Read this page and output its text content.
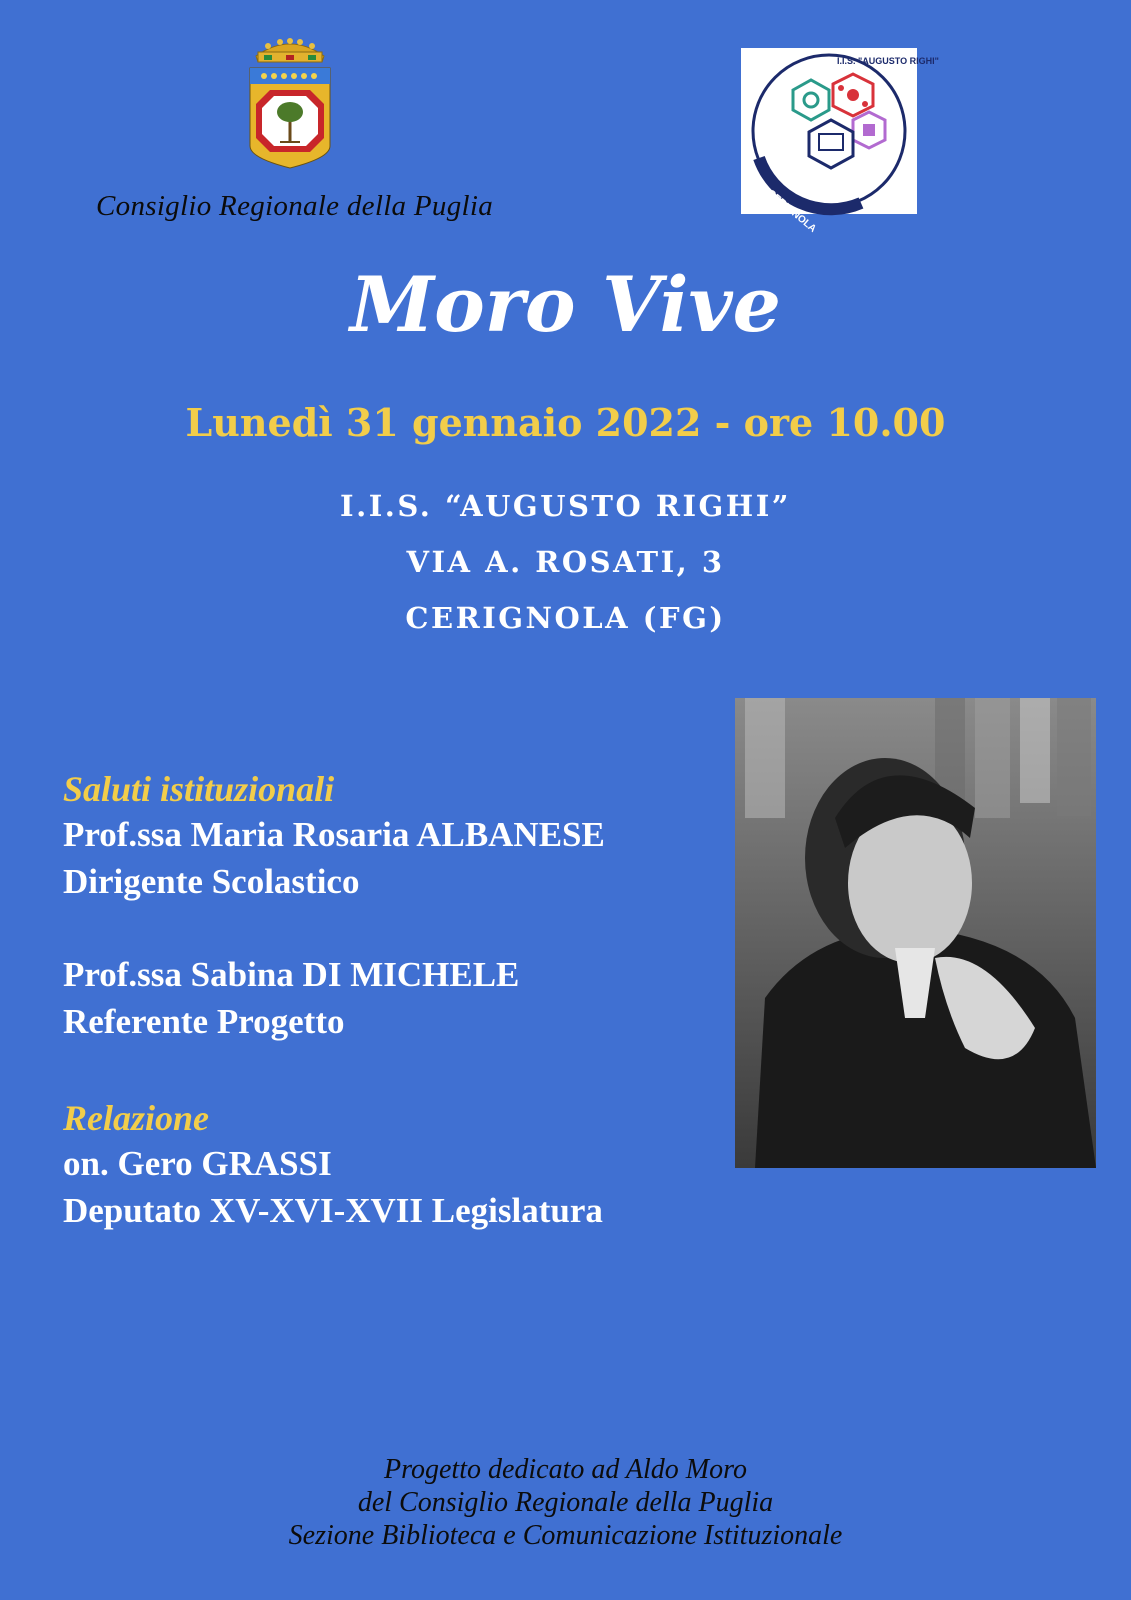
Consiglio Regionale della Puglia
I.I.S. "AUGUSTO RIGHI"
CERIGNOLA
Moro Vive
Lunedì 31 gennaio 2022 - ore 10.00
I.I.S. “AUGUSTO RIGHI”
VIA A. ROSATI, 3
CERIGNOLA (FG)
Saluti istituzionali
Prof.ssa Maria Rosaria ALBANESE
Dirigente Scolastico
Prof.ssa Sabina DI MICHELE
Referente Progetto
Relazione
on. Gero GRASSI
Deputato XV-XVI-XVII Legislatura
Progetto dedicato ad Aldo Moro
del Consiglio Regionale della Puglia
Sezione Biblioteca e Comunicazione Istituzionale
